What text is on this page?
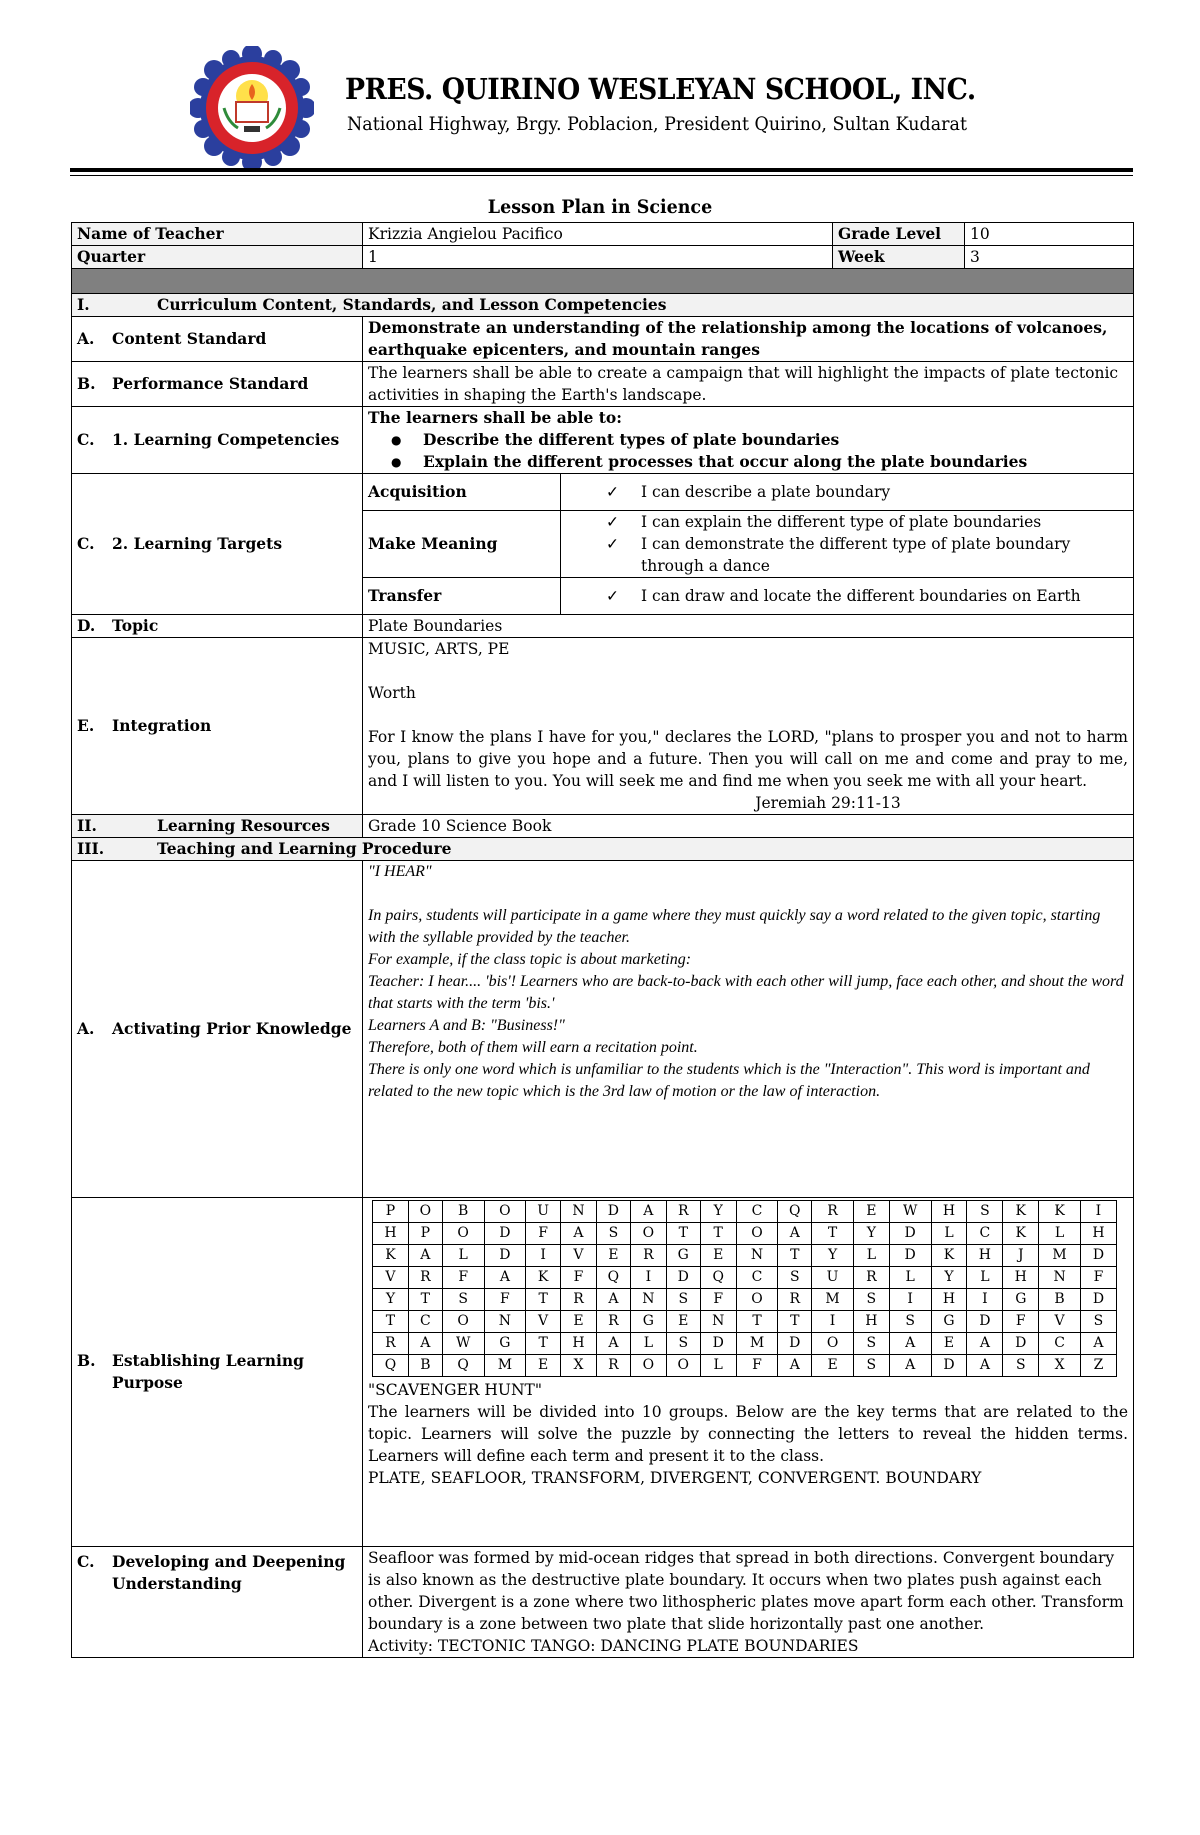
PRES. QUIRINO WESLEYAN SCHOOL, INC.
National Highway, Brgy. Poblacion, President Quirino, Sultan Kudarat
Lesson Plan in Science
Name of Teacher	Krizzia Angielou Pacifico	Grade Level	10
Quarter	1	Week	3

I.	Curriculum Content, Standards, and Lesson Competencies

A.	Content Standard
	Demonstrate an understanding of the relationship among the locations of volcanoes, earthquake epicenters, and mountain ranges

B.	Performance Standard
	The learners shall be able to create a campaign that will highlight the impacts of plate tectonic activities in shaping the Earth's landscape.

C.	1. Learning Competencies

The learners shall be able to:
● Describe the different types of plate boundaries
● Explain the different processes that occur along the plate boundaries

C.	2. Learning Targets
	Acquisition	✓	I can describe a plate boundary

Make Meaning	
✓	I can explain the different type of plate boundaries
✓	I can demonstrate the different type of plate boundary through a dance

Transfer	✓	I can draw and locate the different boundaries on Earth

D.	Topic	Plate Boundaries

E.	Integration

MUSIC, ARTS, PE
Worth
For I know the plans I have for you," declares the LORD, "plans to prosper you and not to harm you, plans to give you hope and a future. Then you will call on me and come and pray to me, and I will listen to you. You will seek me and find me when you seek me with all your heart.
Jeremiah 29:11-13

II.	Learning Resources	Grade 10 Science Book

III.	Teaching and Learning Procedure

A.	Activating Prior Knowledge

"I HEAR"
In pairs, students will participate in a game where they must quickly say a word related to the given topic, starting with the syllable provided by the teacher.
For example, if the class topic is about marketing:
Teacher: I hear.... 'bis'! Learners who are back-to-back with each other will jump, face each other, and shout the word that starts with the term 'bis.'
Learners A and B: "Business!"
Therefore, both of them will earn a recitation point.
There is only one word which is unfamiliar to the students which is the "Interaction". This word is important and related to the new topic which is the 3rd law of motion or the law of interaction.

B.	Establishing Learning Purpose

P	O	B	O	U	N	D	A	R	Y	C	Q	R	E	W	H	S	K	K	I
H	P	O	D	F	A	S	O	T	T	O	A	T	Y	D	L	C	K	L	H
K	A	L	D	I	V	E	R	G	E	N	T	Y	L	D	K	H	J	M	D
V	R	F	A	K	F	Q	I	D	Q	C	S	U	R	L	Y	L	H	N	F
Y	T	S	F	T	R	A	N	S	F	O	R	M	S	I	H	I	G	B	D
T	C	O	N	V	E	R	G	E	N	T	T	I	H	S	G	D	F	V	S
R	A	W	G	T	H	A	L	S	D	M	D	O	S	A	E	A	D	C	A
Q	B	Q	M	E	X	R	O	O	L	F	A	E	S	A	D	A	S	X	Z
"SCAVENGER HUNT"
The learners will be divided into 10 groups. Below are the key terms that are related to the topic. Learners will solve the puzzle by connecting the letters to reveal the hidden terms. Learners will define each term and present it to the class.
PLATE, SEAFLOOR, TRANSFORM, DIVERGENT, CONVERGENT. BOUNDARY

C.	Developing and Deepening Understanding

Seafloor was formed by mid-ocean ridges that spread in both directions. Convergent boundary is also known as the destructive plate boundary. It occurs when two plates push against each other. Divergent is a zone where two lithospheric plates move apart form each other. Transform boundary is a zone between two plate that slide horizontally past one another.
Activity: TECTONIC TANGO: DANCING PLATE BOUNDARIES
